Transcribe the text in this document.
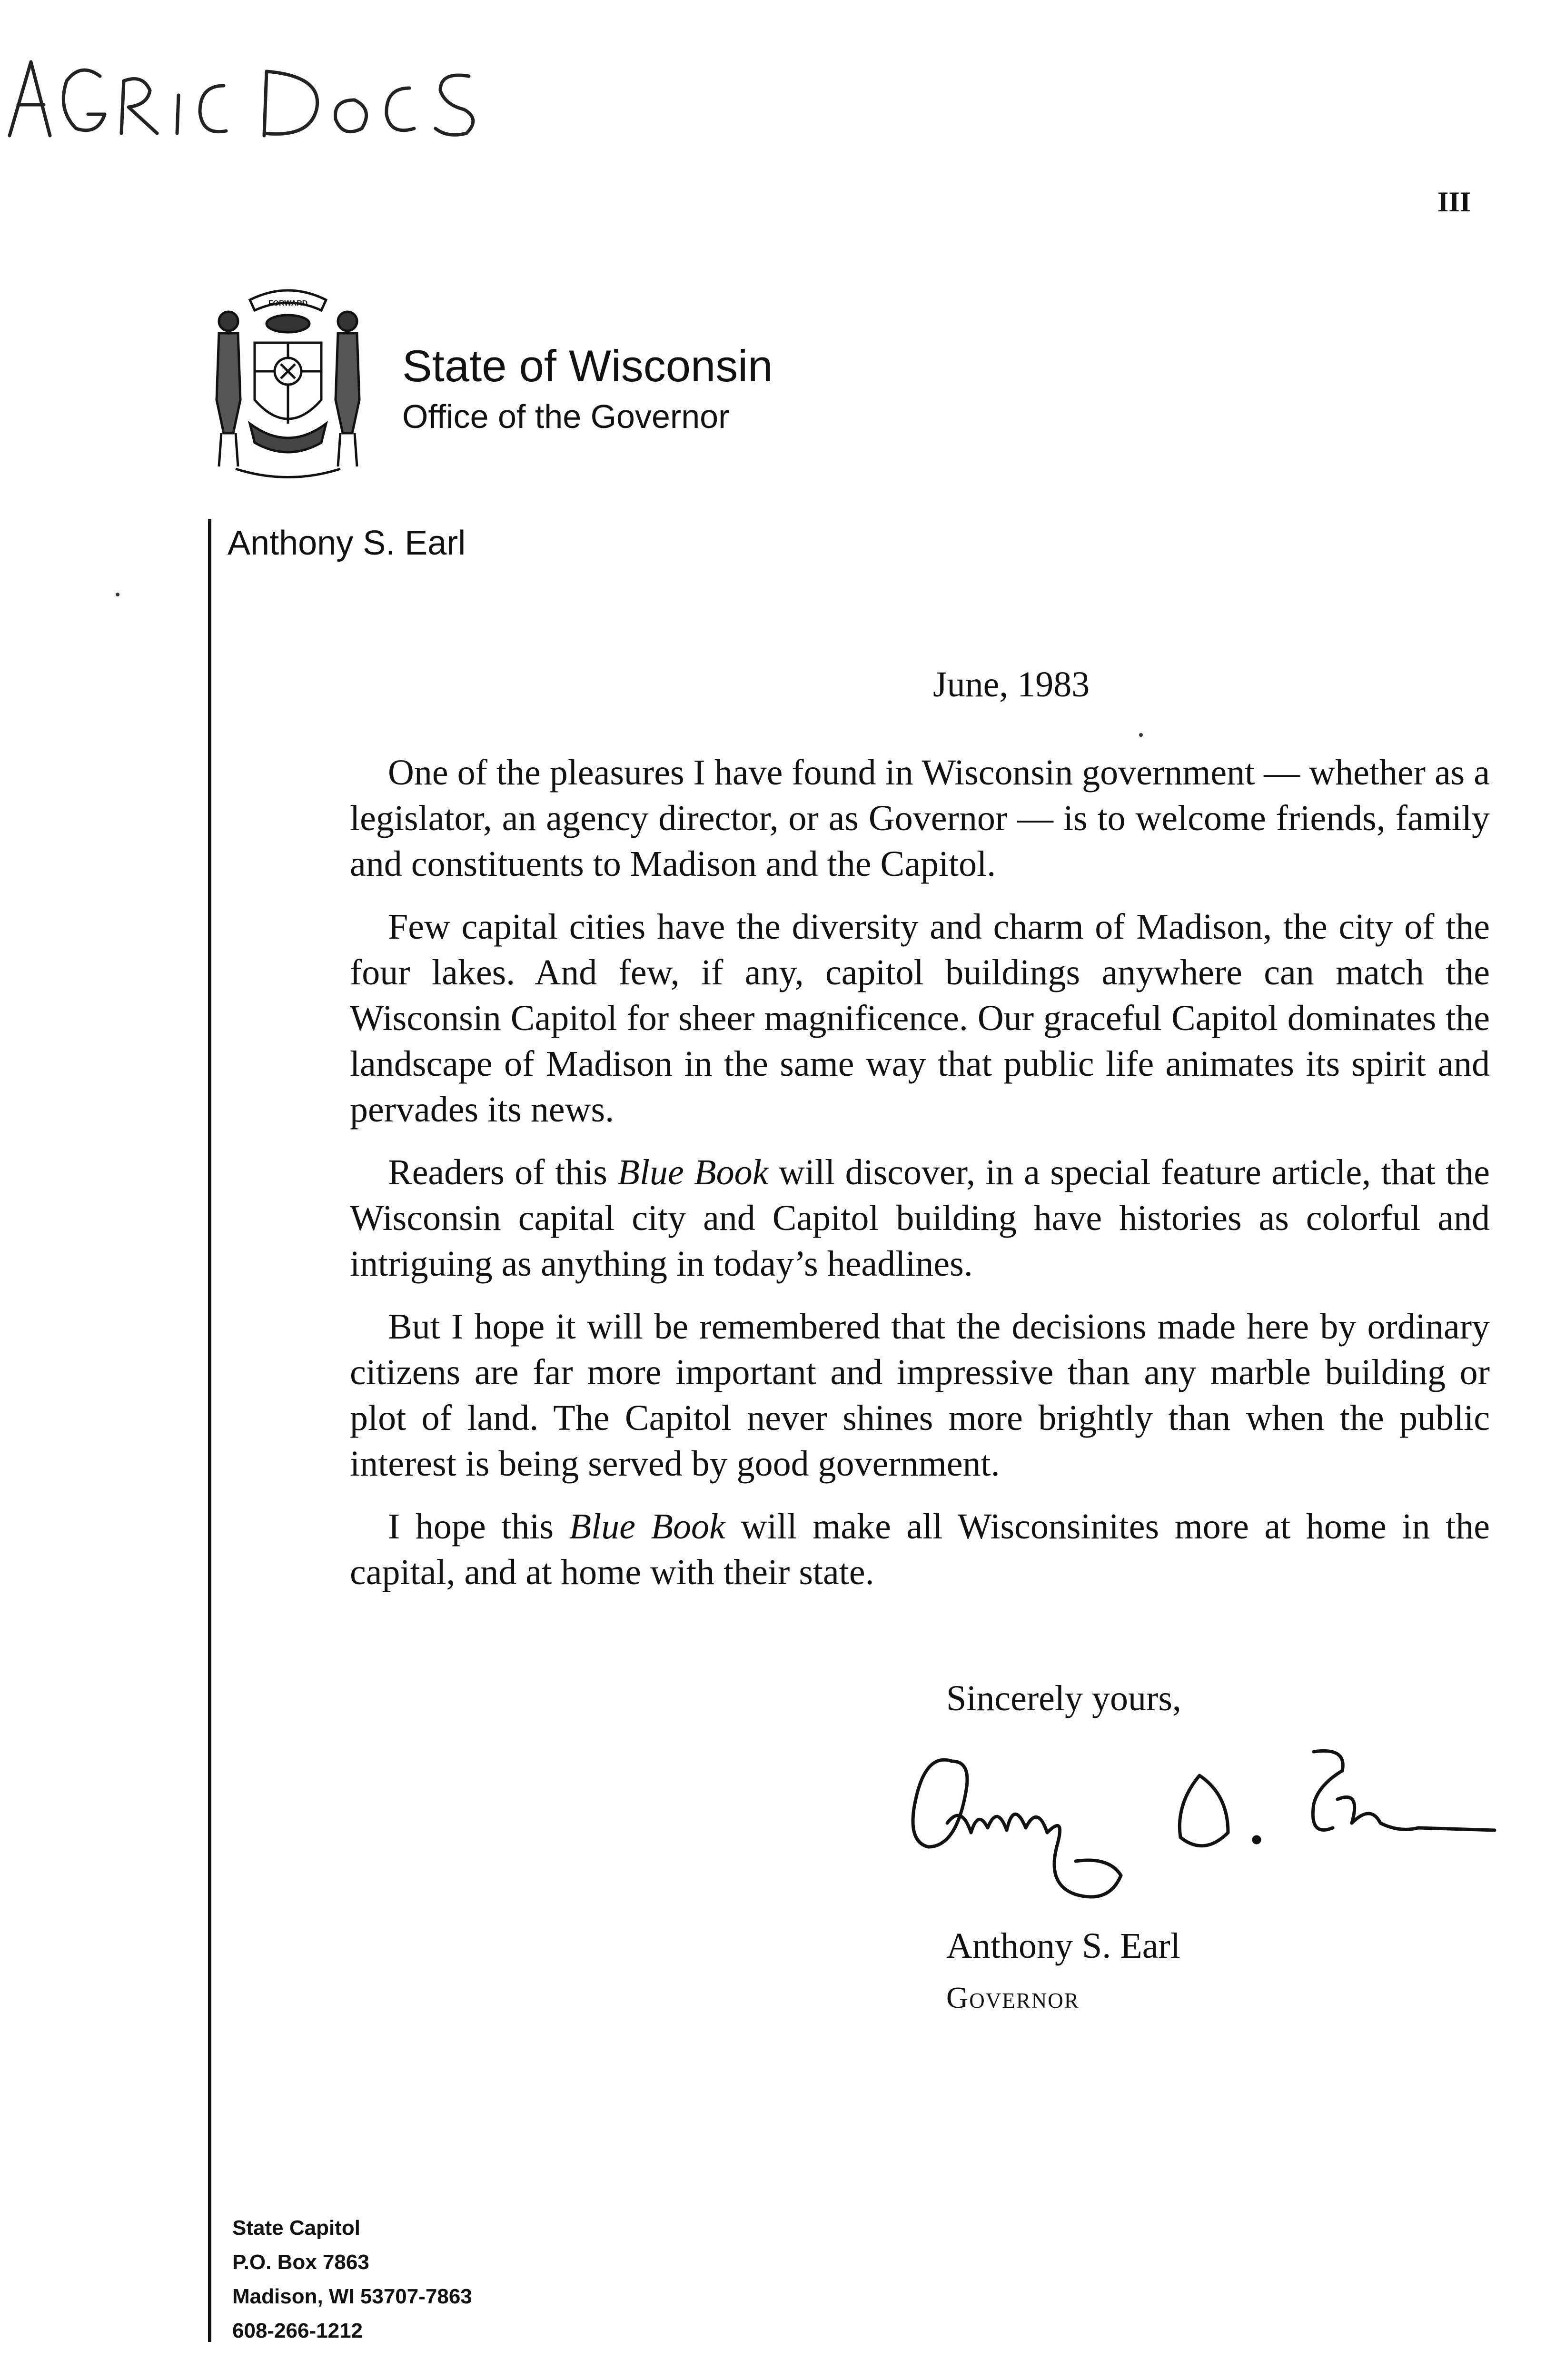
III
FORWARD
State of Wisconsin
Office of the Governor
Anthony S. Earl
June, 1983

One of the pleasures I have found in Wisconsin government — whether as a legislator, an agency director, or as Governor — is to welcome friends, family and constituents to Madison and the Capitol.

Few capital cities have the diversity and charm of Madison, the city of the four lakes. And few, if any, capitol buildings anywhere can match the Wisconsin Capitol for sheer magnificence. Our graceful Capitol dominates the landscape of Madison in the same way that public life animates its spirit and pervades its news.

Readers of this Blue Book will discover, in a special feature article, that the Wisconsin capital city and Capitol building have histories as colorful and intriguing as anything in today’s headlines.

But I hope it will be remembered that the decisions made here by ordinary citizens are far more important and impressive than any marble building or plot of land. The Capitol never shines more brightly than when the public interest is being served by good government.

I hope this Blue Book will make all Wisconsinites more at home in the capital, and at home with their state.

Sincerely yours,
Anthony S. Earl
Governor
State Capitol
P.O. Box 7863
Madison, WI 53707-7863
608-266-1212
